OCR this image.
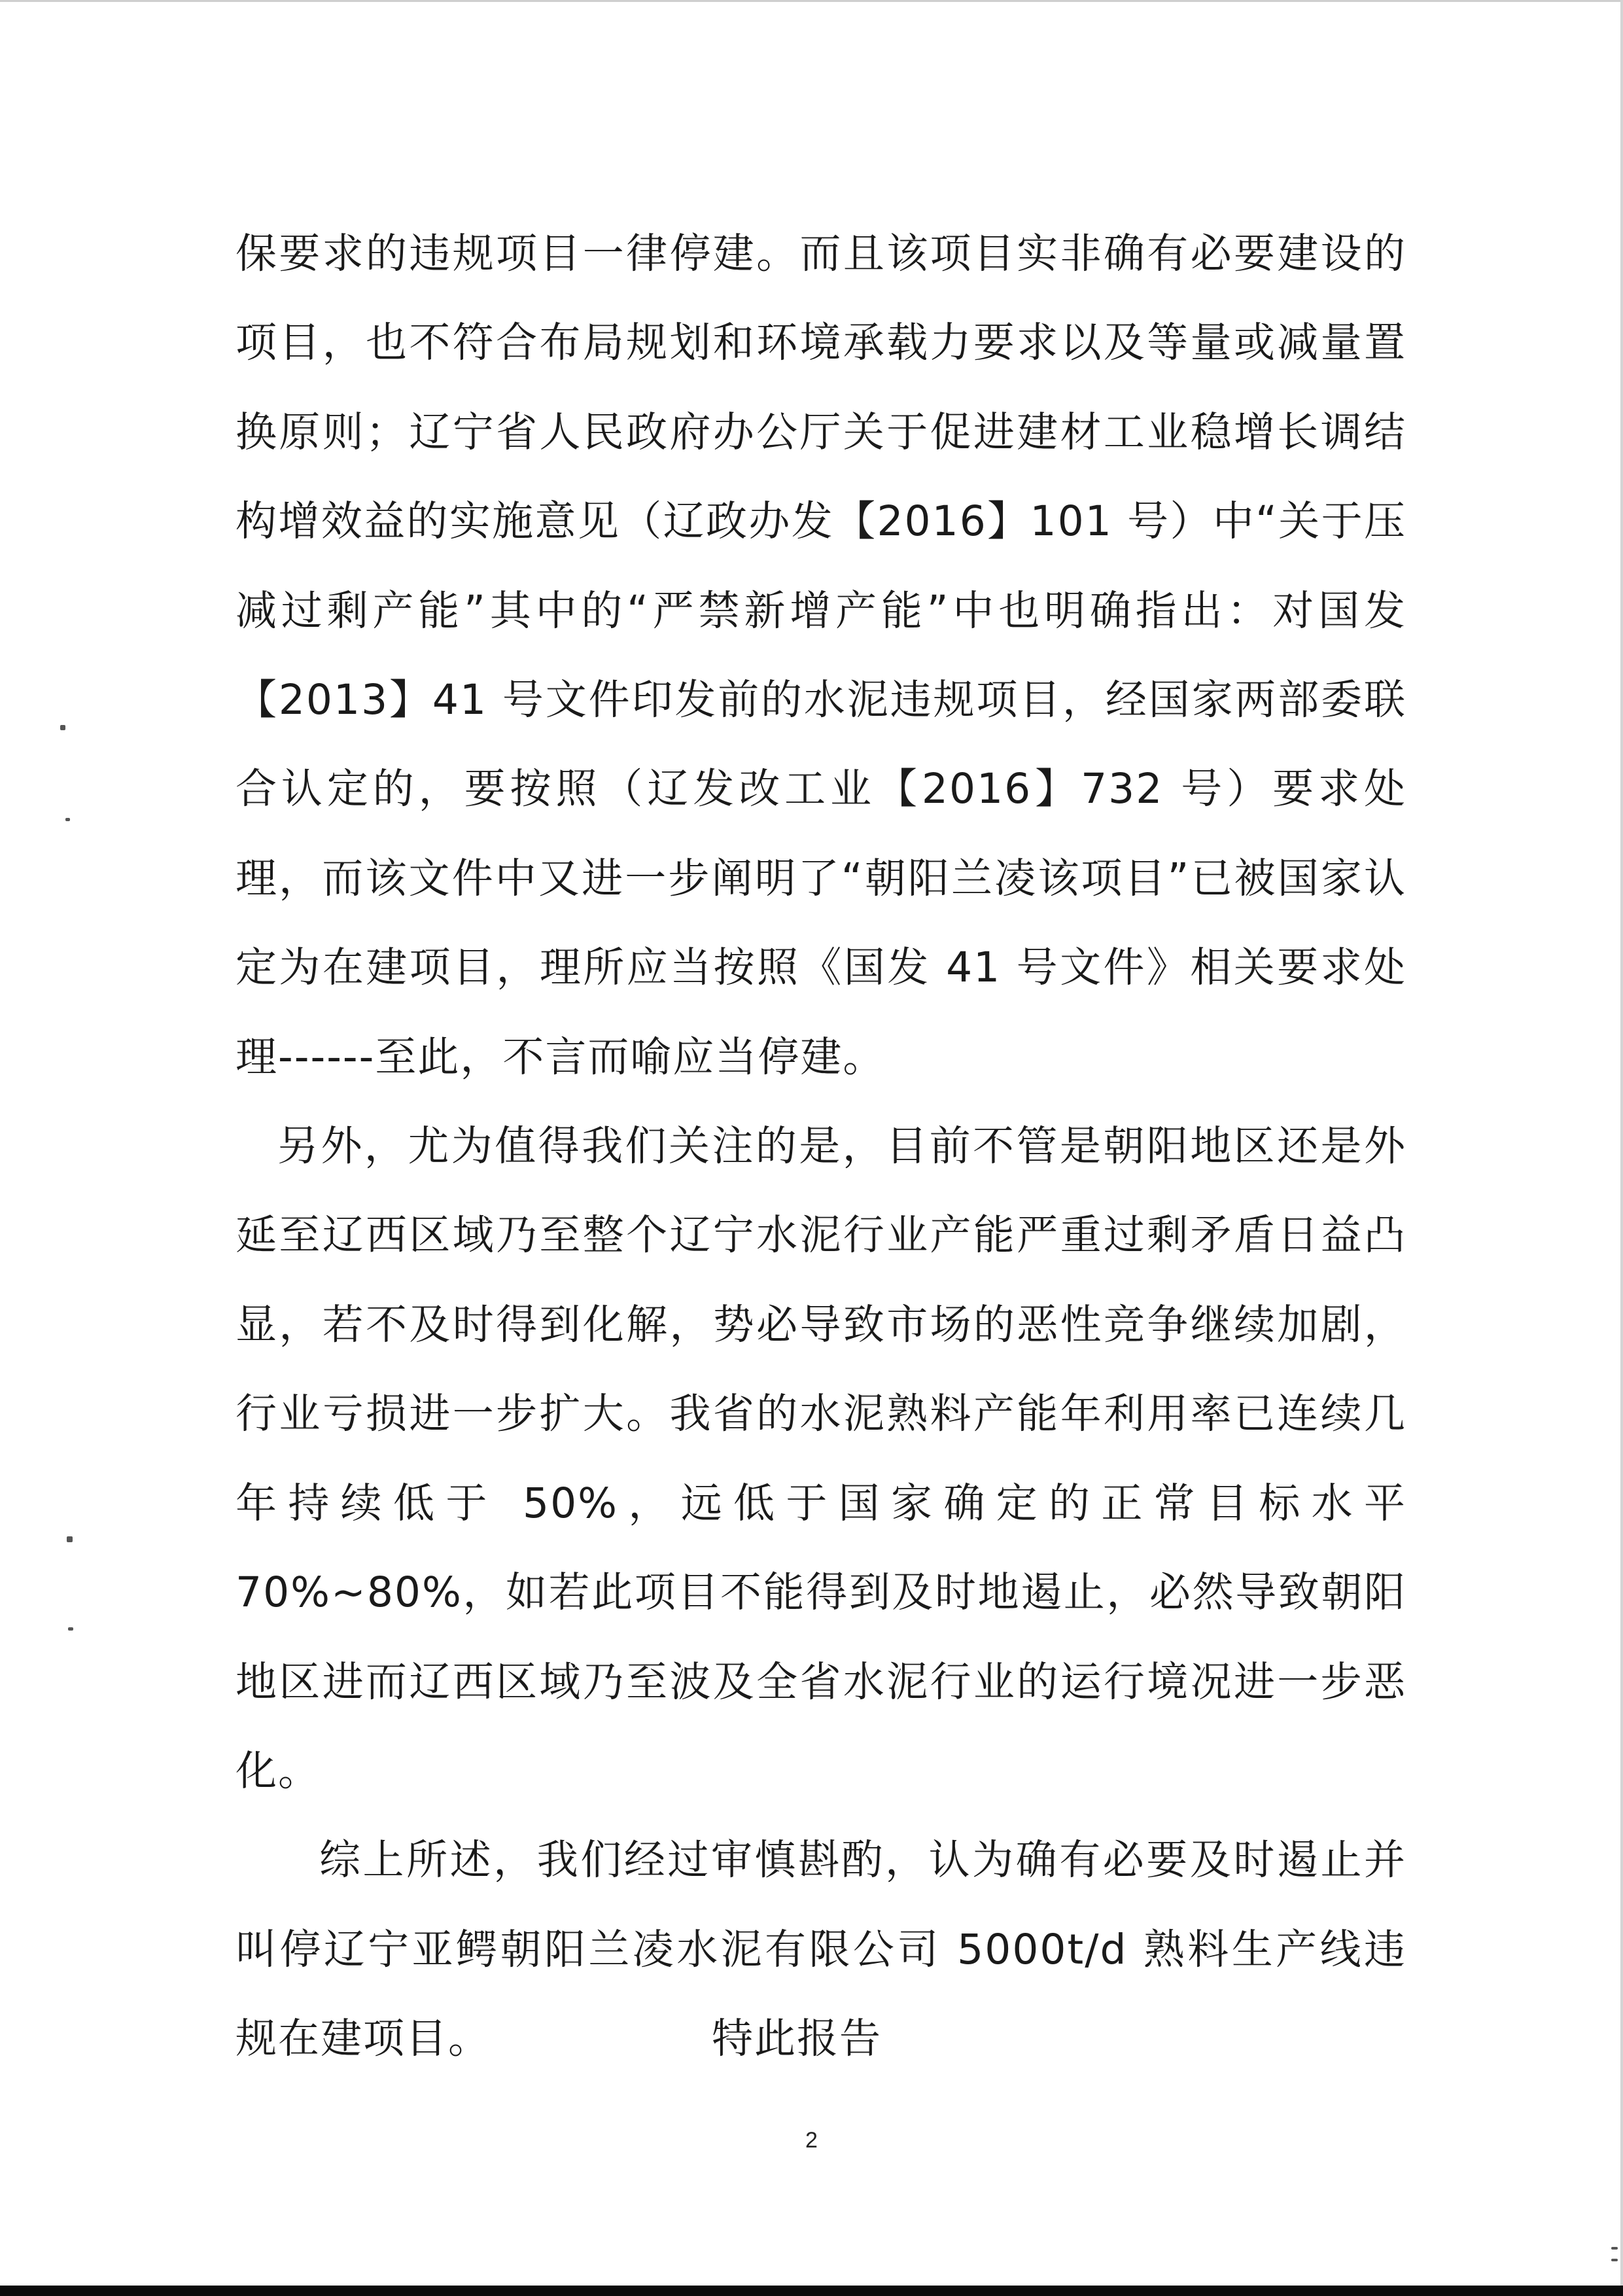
保要求的违规项目一律停建。而且该项目实非确有必要建设的项目，也不符合布局规划和环境承载力要求以及等量或减量置换原则；辽宁省人民政府办公厅关于促进建材工业稳增长调结构增效益的实施意见（辽政办发【2016】101 号）中“关于压减过剩产能”其中的“严禁新增产能”中也明确指出：对国发【2013】41 号文件印发前的水泥违规项目，经国家两部委联合认定的，要按照（辽发改工业【2016】732 号）要求处理，而该文件中又进一步阐明了“朝阳兰凌该项目”已被国家认定为在建项目，理所应当按照《国发 41 号文件》相关要求处理------至此，不言而喻应当停建。

另外，尤为值得我们关注的是，目前不管是朝阳地区还是外延至辽西区域乃至整个辽宁水泥行业产能严重过剩矛盾日益凸显，若不及时得到化解，势必导致市场的恶性竞争继续加剧，行业亏损进一步扩大。我省的水泥熟料产能年利用率已连续几年持续低于 50%，远低于国家确定的正常目标水平 70%~80%，如若此项目不能得到及时地遏止，必然导致朝阳地区进而辽西区域乃至波及全省水泥行业的运行境况进一步恶化。

综上所述，我们经过审慎斟酌，认为确有必要及时遏止并叫停辽宁亚鳄朝阳兰凌水泥有限公司 5000t/d 熟料生产线违规在建项目。	特此报告

2
